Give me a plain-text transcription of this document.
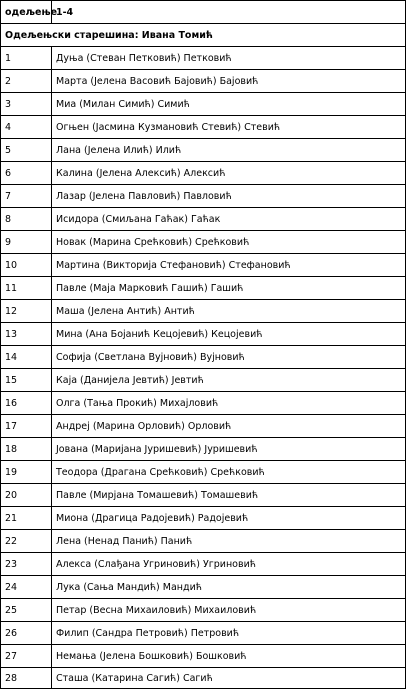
одељење	1-4
Одељењски старешина: Ивана Томић	
1	Дуња (Стеван Петковић) Петковић
2	Марта (Јелена Васовић Бајовић) Бајовић
3	Миа (Милан Симић) Симић
4	Огњен (Јасмина Кузмановић Стевић) Стевић
5	Лана (Јелена Илић) Илић
6	Калина (Јелена Алексић) Алексић
7	Лазар (Јелена Павловић) Павловић
8	Исидора (Смиљана Гаћак) Гаћак
9	Новак (Марина Срећковић) Срећковић
10	Мартина (Викторија Стефановић) Стефановић
11	Павле (Маја Марковић Гашић) Гашић
12	Маша (Јелена Антић) Антић
13	Мина (Ана Бојанић Кецојевић) Кецојевић
14	Софија (Светлана Вујновић) Вујновић
15	Каја (Данијела Јевтић) Јевтић
16	Олга (Тања Прокић) Михајловић
17	Андреј (Марина Орловић) Орловић
18	Јована (Маријана Јуришевић) Јуришевић
19	Теодора (Драгана Срећковић) Срећковић
20	Павле (Мирјана Томашевић) Томашевић
21	Миона (Драгица Радојевић) Радојевић
22	Лена (Ненад Панић) Панић
23	Алекса (Слађана Угриновић) Угриновић
24	Лука (Сања Мандић) Мандић
25	Петар (Весна Михаиловић) Михаиловић
26	Филип (Сандра Петровић) Петровић
27	Немања (Јелена Бошковић) Бошковић
28	Сташа (Катарина Сагић) Сагић
